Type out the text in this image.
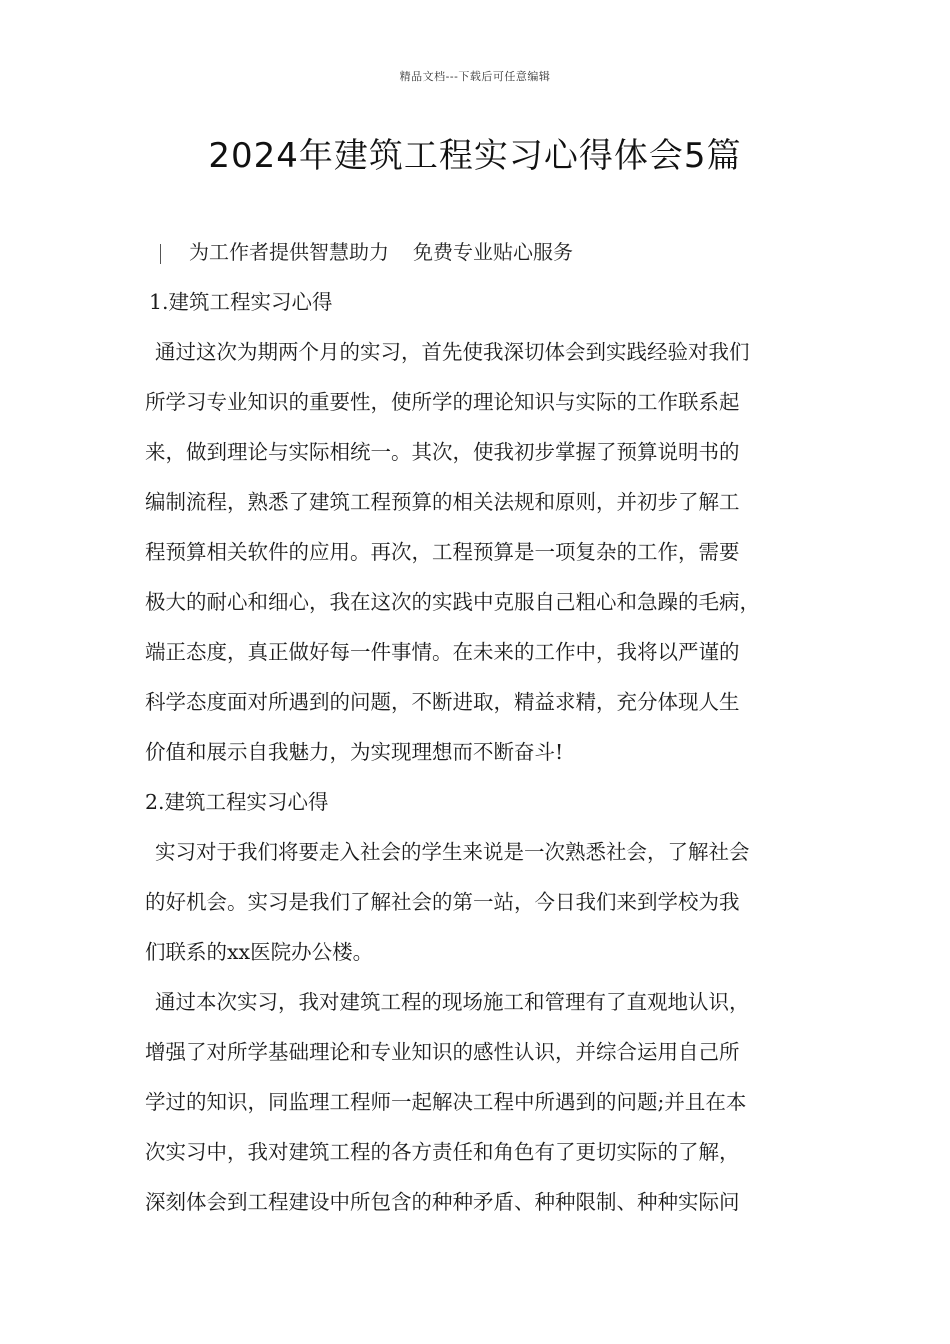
精品文档---下载后可任意编辑
2024年建筑工程实习心得体会5篇
为工作者提供智慧助力 免费专业贴心服务
1.建筑工程实习心得
通过这次为期两个月的实习，首先使我深切体会到实践经验对我们
所学习专业知识的重要性，使所学的理论知识与实际的工作联系起
来，做到理论与实际相统一。其次，使我初步掌握了预算说明书的
编制流程，熟悉了建筑工程预算的相关法规和原则，并初步了解工
程预算相关软件的应用。再次，工程预算是一项复杂的工作，需要
极大的耐心和细心，我在这次的实践中克服自己粗心和急躁的毛病，
端正态度，真正做好每一件事情。在未来的工作中，我将以严谨的
科学态度面对所遇到的问题，不断进取，精益求精，充分体现人生
价值和展示自我魅力，为实现理想而不断奋斗!
2.建筑工程实习心得
实习对于我们将要走入社会的学生来说是一次熟悉社会，了解社会
的好机会。实习是我们了解社会的第一站，今日我们来到学校为我
们联系的xx医院办公楼。
通过本次实习，我对建筑工程的现场施工和管理有了直观地认识，
增强了对所学基础理论和专业知识的感性认识，并综合运用自己所
学过的知识，同监理工程师一起解决工程中所遇到的问题;并且在本
次实习中，我对建筑工程的各方责任和角色有了更切实际的了解，
深刻体会到工程建设中所包含的种种矛盾、种种限制、种种实际问
